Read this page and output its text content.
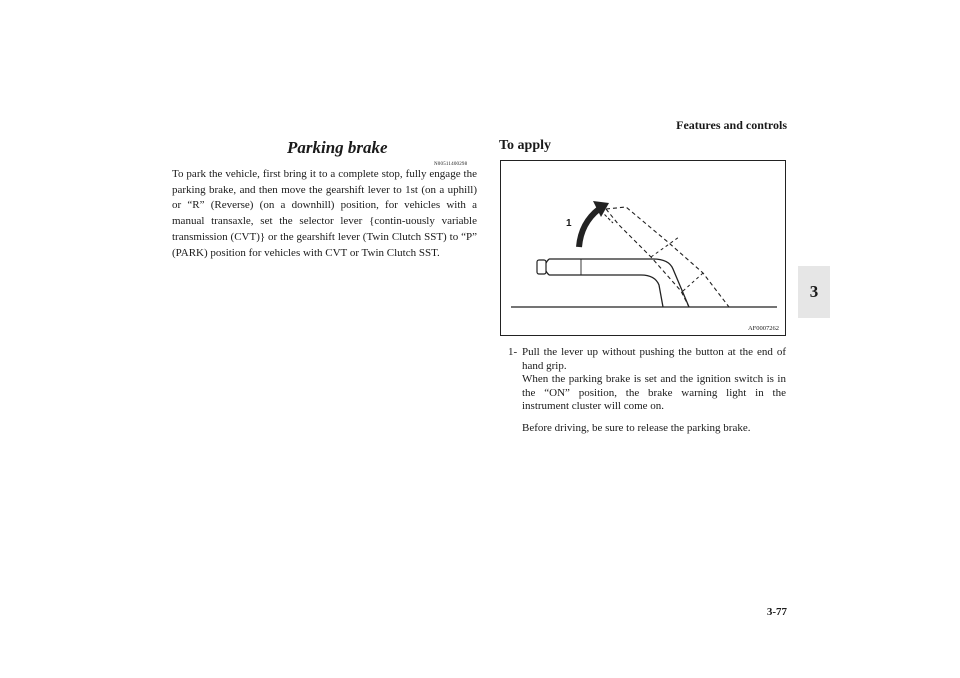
Features and controls
3
Parking brake
N00511400298
To park the vehicle, first bring it to a complete stop, fully engage the parking brake, and then move the gearshift lever to 1st (on a uphill) or “R” (Reverse) (on a downhill) position, for vehicles with a manual transaxle, set the selector lever {contin-uously variable transmission (CVT)} or the gearshift lever (Twin Clutch SST) to “P” (PARK) position for vehicles with CVT or Twin Clutch SST.
To apply
1
AF0007262
1- Pull the lever up without pushing the button at the end of hand grip.

When the parking brake is set and the ignition switch is in the “ON” position, the brake warning light in the instrument cluster will come on.

Before driving, be sure to release the parking brake.

3-77
